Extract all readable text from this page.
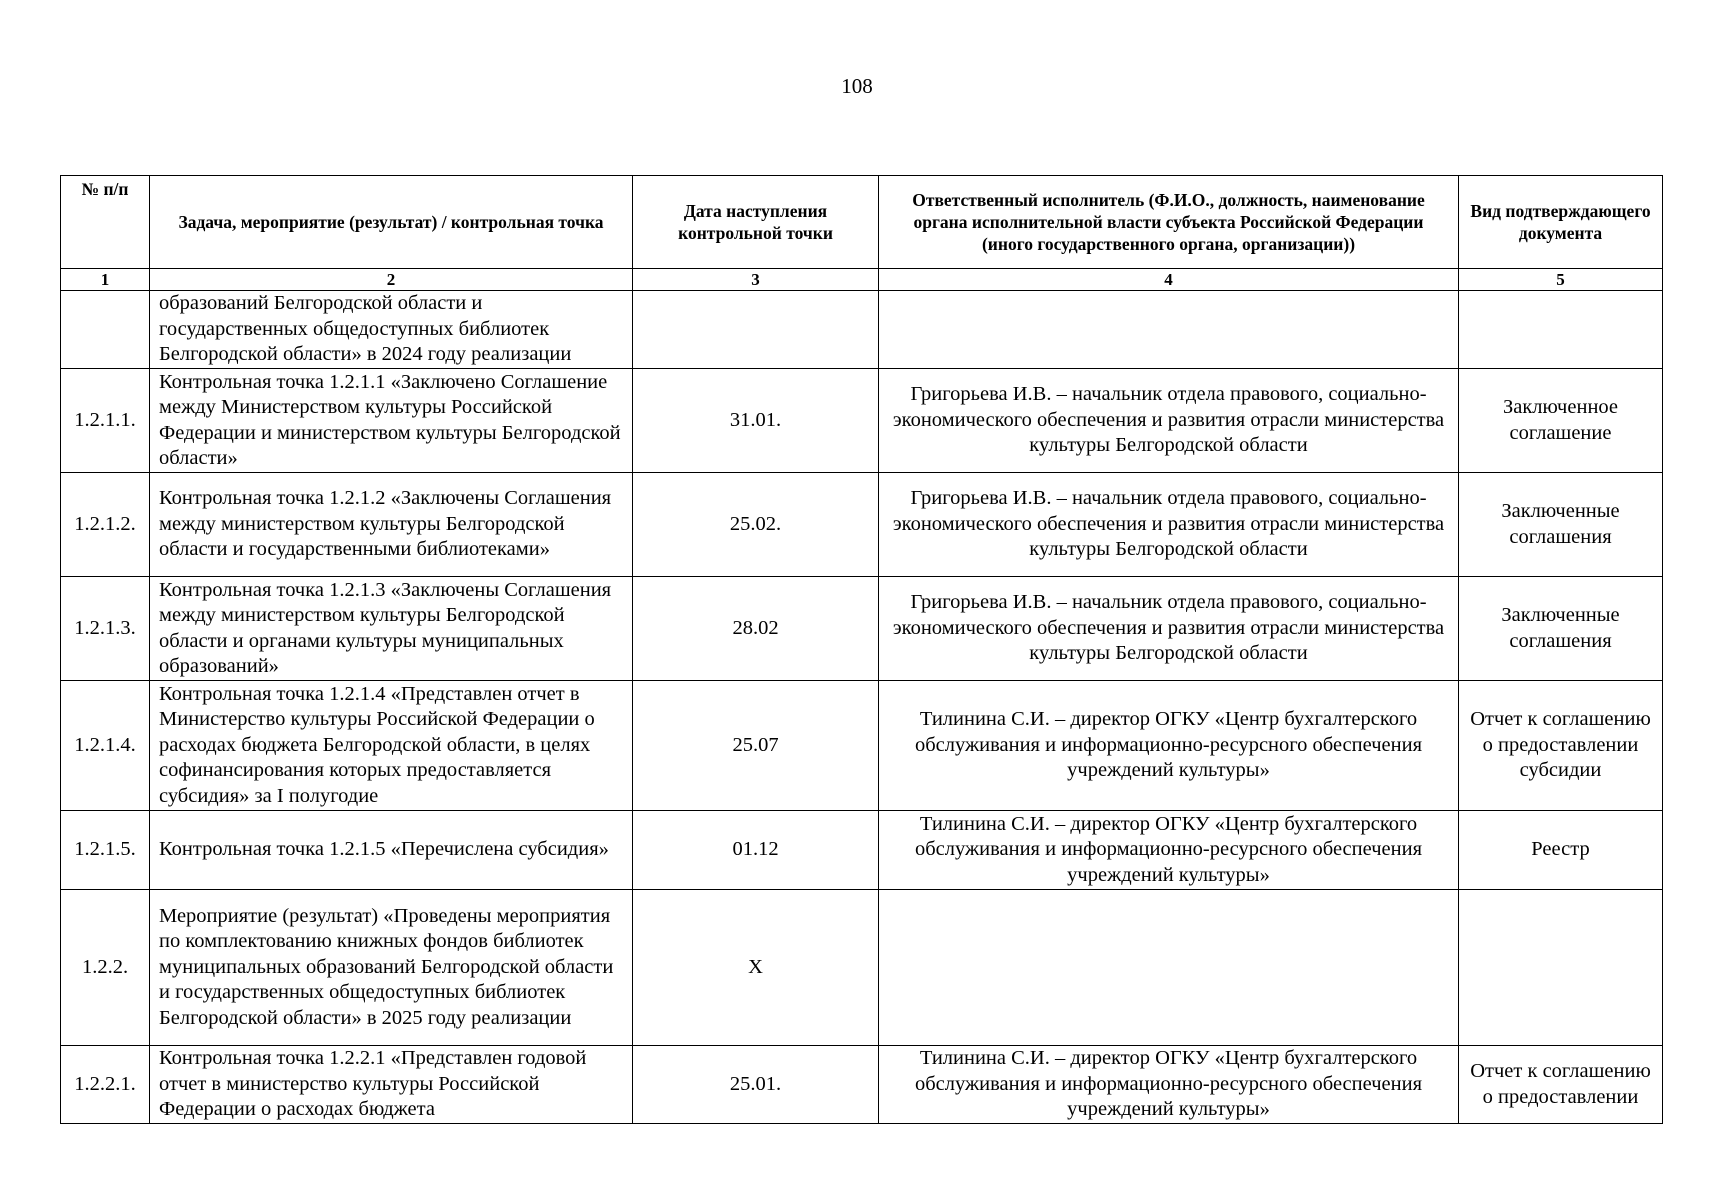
108
№ п/п	Задача, мероприятие (результат) / контрольная точка	Дата наступления контрольной точки	Ответственный исполнитель (Ф.И.О., должность, наименование органа исполнительной власти субъекта Российской Федерации (иного государственного органа, организации))	Вид подтверждающего документа
1	2	3	4	5
	образований Белгородской области и государственных общедоступных библиотек Белгородской области» в 2024 году реализации			
1.2.1.1.	Контрольная точка 1.2.1.1 «Заключено Соглашение между Министерством культуры Российской Федерации и министерством культуры Белгородской области»	31.01.	Григорьева И.В. – начальник отдела правового, социально-экономического обеспечения и развития отрасли министерства культуры Белгородской области	Заключенное соглашение
1.2.1.2.	Контрольная точка 1.2.1.2 «Заключены Соглашения между министерством культуры Белгородской области и государственными библиотеками»	25.02.	Григорьева И.В. – начальник отдела правового, социально-экономического обеспечения и развития отрасли министерства культуры Белгородской области	Заключенные соглашения
1.2.1.3.	Контрольная точка 1.2.1.3 «Заключены Соглашения между министерством культуры Белгородской области и органами культуры муниципальных образований»	28.02	Григорьева И.В. – начальник отдела правового, социально-экономического обеспечения и развития отрасли министерства культуры Белгородской области	Заключенные соглашения
1.2.1.4.	Контрольная точка 1.2.1.4 «Представлен отчет в Министерство культуры Российской Федерации о расходах бюджета Белгородской области, в целях софинансирования которых предоставляется субсидия» за I полугодие	25.07	Тилинина С.И. – директор ОГКУ «Центр бухгалтерского обслуживания и информационно-ресурсного обеспечения учреждений культуры»	Отчет к соглашению о предоставлении субсидии
1.2.1.5.	Контрольная точка 1.2.1.5 «Перечислена субсидия»	01.12	Тилинина С.И. – директор ОГКУ «Центр бухгалтерского обслуживания и информационно-ресурсного обеспечения учреждений культуры»	Реестр
1.2.2.	Мероприятие (результат) «Проведены мероприятия по комплектованию книжных фондов библиотек муниципальных образований Белгородской области и государственных общедоступных библиотек Белгородской области» в 2025 году реализации	Х		
1.2.2.1.	Контрольная точка 1.2.2.1 «Представлен годовой отчет в министерство культуры Российской Федерации о расходах бюджета	25.01.	Тилинина С.И. – директор ОГКУ «Центр бухгалтерского обслуживания и информационно-ресурсного обеспечения учреждений культуры»	Отчет к соглашению о предоставлении
